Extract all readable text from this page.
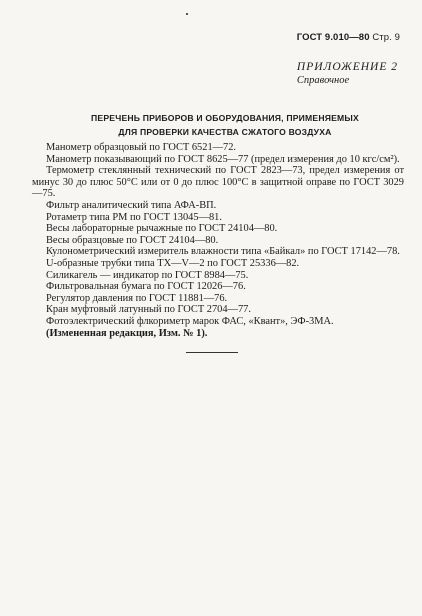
ГОСТ 9.010—80 Стр. 9
ПРИЛОЖЕНИЕ 2
Справочное
ПЕРЕЧЕНЬ ПРИБОРОВ И ОБОРУДОВАНИЯ, ПРИМЕНЯЕМЫХ
ДЛЯ ПРОВЕРКИ КАЧЕСТВА СЖАТОГО ВОЗДУХА
Манометр образцовый по ГОСТ 6521—72.
Манометр показывающий по ГОСТ 8625—77 (предел измерения до 10 кгс/см²).
Термометр стеклянный технический по ГОСТ 2823—73, предел измерения от минус 30 до плюс 50°С или от 0 до плюс 100°С в защитной оправе по ГОСТ 3029—75.
Фильтр аналитический типа АФА-ВП.
Ротаметр типа РМ по ГОСТ 13045—81.
Весы лабораторные рычажные по ГОСТ 24104—80.
Весы образцовые по ГОСТ 24104—80.
Кулонометрический измеритель влажности типа «Байкал» по ГОСТ 17142—78.
U-образные трубки типа ТХ—V—2 по ГОСТ 25336—82.
Силикагель — индикатор по ГОСТ 8984—75.
Фильтровальная бумага по ГОСТ 12026—76.
Регулятор давления по ГОСТ 11881—76.
Кран муфтовый латунный по ГОСТ 2704—77.
Фотоэлектрический флкориметр марок ФАС, «Квант», ЭФ-3МА.
(Измененная редакция, Изм. № 1).
